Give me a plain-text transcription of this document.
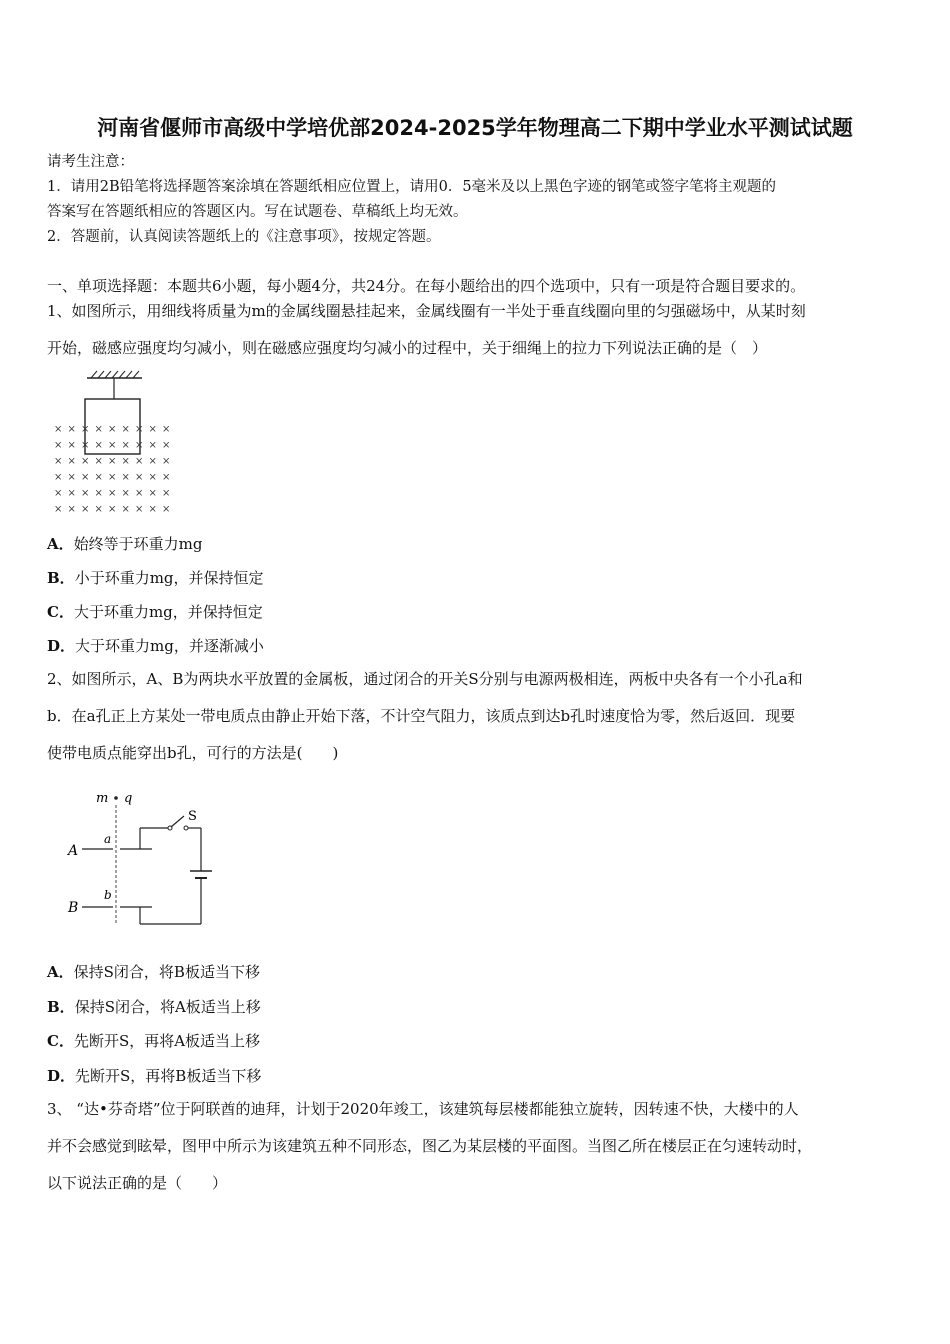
河南省偃师市高级中学培优部2024-2025学年物理高二下期中学业水平测试试题
请考生注意：
1．请用2B铅笔将选择题答案涂填在答题纸相应位置上，请用0．5毫米及以上黑色字迹的钢笔或签字笔将主观题的
答案写在答题纸相应的答题区内。写在试题卷、草稿纸上均无效。
2．答题前，认真阅读答题纸上的《注意事项》，按规定答题。
一、单项选择题：本题共6小题，每小题4分，共24分。在每小题给出的四个选项中，只有一项是符合题目要求的。
1、如图所示，用细线将质量为m的金属线圈悬挂起来，金属线圈有一半处于垂直线圈向里的匀强磁场中，从某时刻
开始，磁感应强度均匀减小，则在磁感应强度均匀减小的过程中，关于细绳上的拉力下列说法正确的是（　）
× × × × × × × × ×
× × × × × × × × ×
× × × × × × × × ×
× × × × × × × × ×
× × × × × × × × ×
× × × × × × × × ×
A．始终等于环重力mg
B．小于环重力mg，并保持恒定
C．大于环重力mg，并保持恒定
D．大于环重力mg，并逐渐减小
2、如图所示，A、B为两块水平放置的金属板，通过闭合的开关S分别与电源两极相连，两板中央各有一个小孔a和
b．在a孔正上方某处一带电质点由静止开始下落，不计空气阻力，该质点到达b孔时速度恰为零，然后返回．现要
使带电质点能穿出b孔，可行的方法是(　　)
m q
A
a
S
B
b
A．保持S闭合，将B板适当下移
B．保持S闭合，将A板适当上移
C．先断开S，再将A板适当上移
D．先断开S，再将B板适当下移
3、 “达•芬奇塔”位于阿联酋的迪拜，计划于2020年竣工，该建筑每层楼都能独立旋转，因转速不快，大楼中的人
并不会感觉到眩晕，图甲中所示为该建筑五种不同形态，图乙为某层楼的平面图。当图乙所在楼层正在匀速转动时，
以下说法正确的是（　　）
